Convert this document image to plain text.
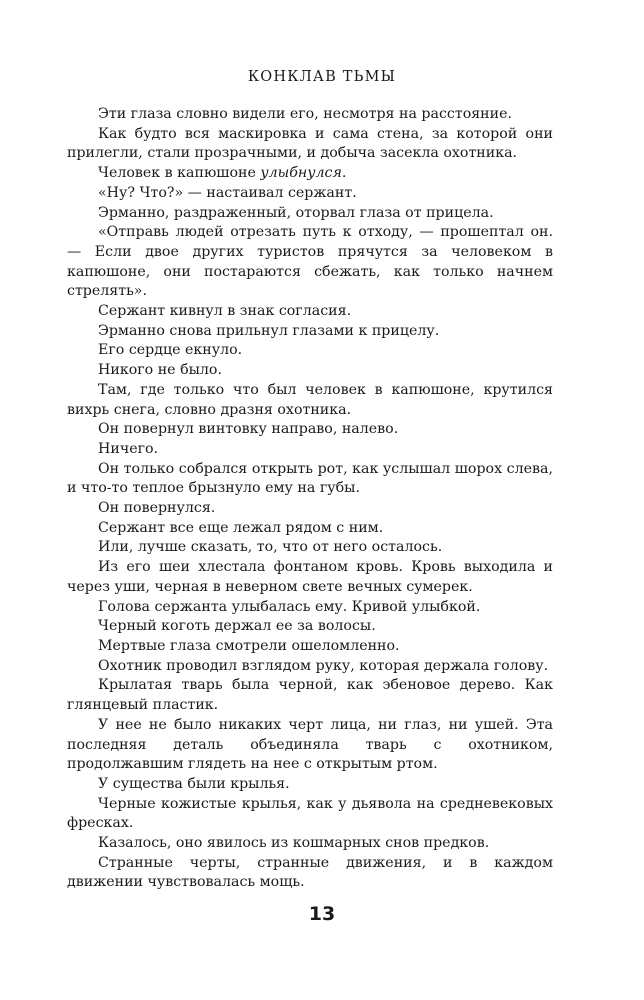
КОНКЛАВ ТЬМЫ

Эти глаза словно видели его, несмотря на расстояние.

Как будто вся маскировка и сама стена, за которой они прилегли, стали прозрачными, и добыча засекла охотника.

Человек в капюшоне улыбнулся.

«Ну? Что?» — настаивал сержант.

Эрманно, раздраженный, оторвал глаза от прицела.

«Отправь людей отрезать путь к отходу, — прошептал он. — Если двое других туристов прячутся за человеком в капюшоне, они постараются сбежать, как только начнем стрелять».

Сержант кивнул в знак согласия.

Эрманно снова прильнул глазами к прицелу.

Его сердце екнуло.

Никого не было.

Там, где только что был человек в капюшоне, крутился вихрь снега, словно дразня охотника.

Он повернул винтовку направо, налево.

Ничего.

Он только собрался открыть рот, как услышал шорох слева, и что-то теплое брызнуло ему на губы.

Он повернулся.

Сержант все еще лежал рядом с ним.

Или, лучше сказать, то, что от него осталось.

Из его шеи хлестала фонтаном кровь. Кровь выходила и через уши, черная в неверном свете вечных сумерек.

Голова сержанта улыбалась ему. Кривой улыбкой.

Черный коготь держал ее за волосы.

Мертвые глаза смотрели ошеломленно.

Охотник проводил взглядом руку, которая держала голову.

Крылатая тварь была черной, как эбеновое дерево. Как глянцевый пластик.

У нее не было никаких черт лица, ни глаз, ни ушей. Эта последняя деталь объединяла тварь с охотником, продолжавшим глядеть на нее с открытым ртом.

У существа были крылья.

Черные кожистые крылья, как у дьявола на средневековых фресках.

Казалось, оно явилось из кошмарных снов предков.

Странные черты, странные движения, и в каждом движении чувствовалась мощь.

13
